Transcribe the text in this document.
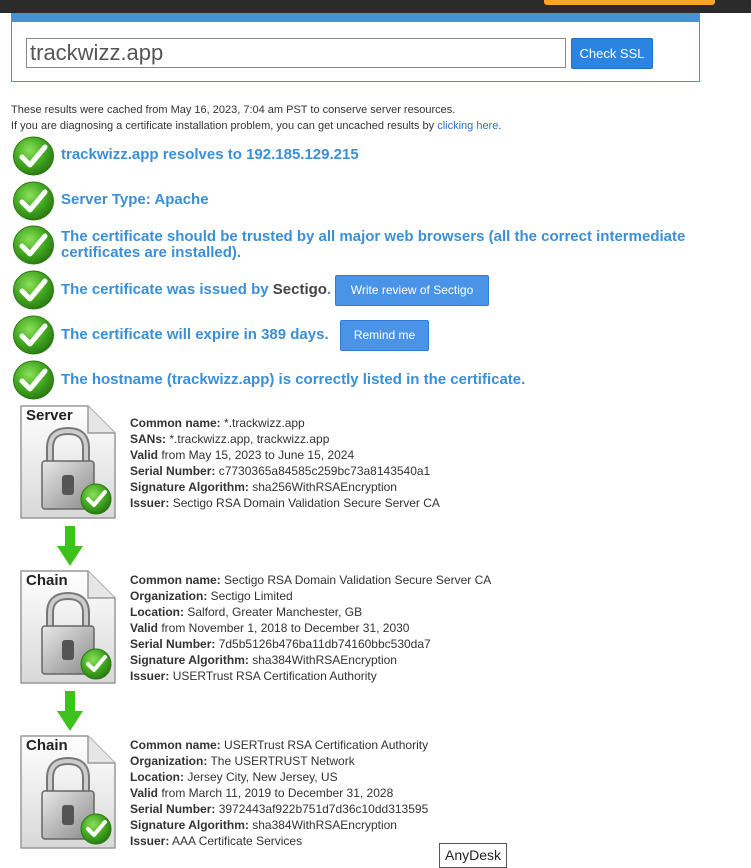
trackwizz.app	Check SSL
These results were cached from May 16, 2023, 7:04 am PST to conserve server resources.
If you are diagnosing a certificate installation problem, you can get uncached results by clicking here.
trackwizz.app resolves to 192.185.129.215
Server Type: Apache
The certificate should be trusted by all major web browsers (all the correct intermediate
certificates are installed).
The certificate was issued by Sectigo.	Write review of Sectigo
The certificate will expire in 389 days.	Remind me
The hostname (trackwizz.app) is correctly listed in the certificate.
Server	Common name: *.trackwizz.app
SANs: *.trackwizz.app, trackwizz.app
Valid from May 15, 2023 to June 15, 2024
Serial Number: c7730365a84585c259bc73a8143540a1
Signature Algorithm: sha256WithRSAEncryption
Issuer: Sectigo RSA Domain Validation Secure Server CA
Chain	Common name: Sectigo RSA Domain Validation Secure Server CA
Organization: Sectigo Limited
Location: Salford, Greater Manchester, GB
Valid from November 1, 2018 to December 31, 2030
Serial Number: 7d5b5126b476ba11db74160bbc530da7
Signature Algorithm: sha384WithRSAEncryption
Issuer: USERTrust RSA Certification Authority
Chain	Common name: USERTrust RSA Certification Authority
Organization: The USERTRUST Network
Location: Jersey City, New Jersey, US
Valid from March 11, 2019 to December 31, 2028
Serial Number: 3972443af922b751d7d36c10dd313595
Signature Algorithm: sha384WithRSAEncryption
Issuer: AAA Certificate Services
AnyDesk
